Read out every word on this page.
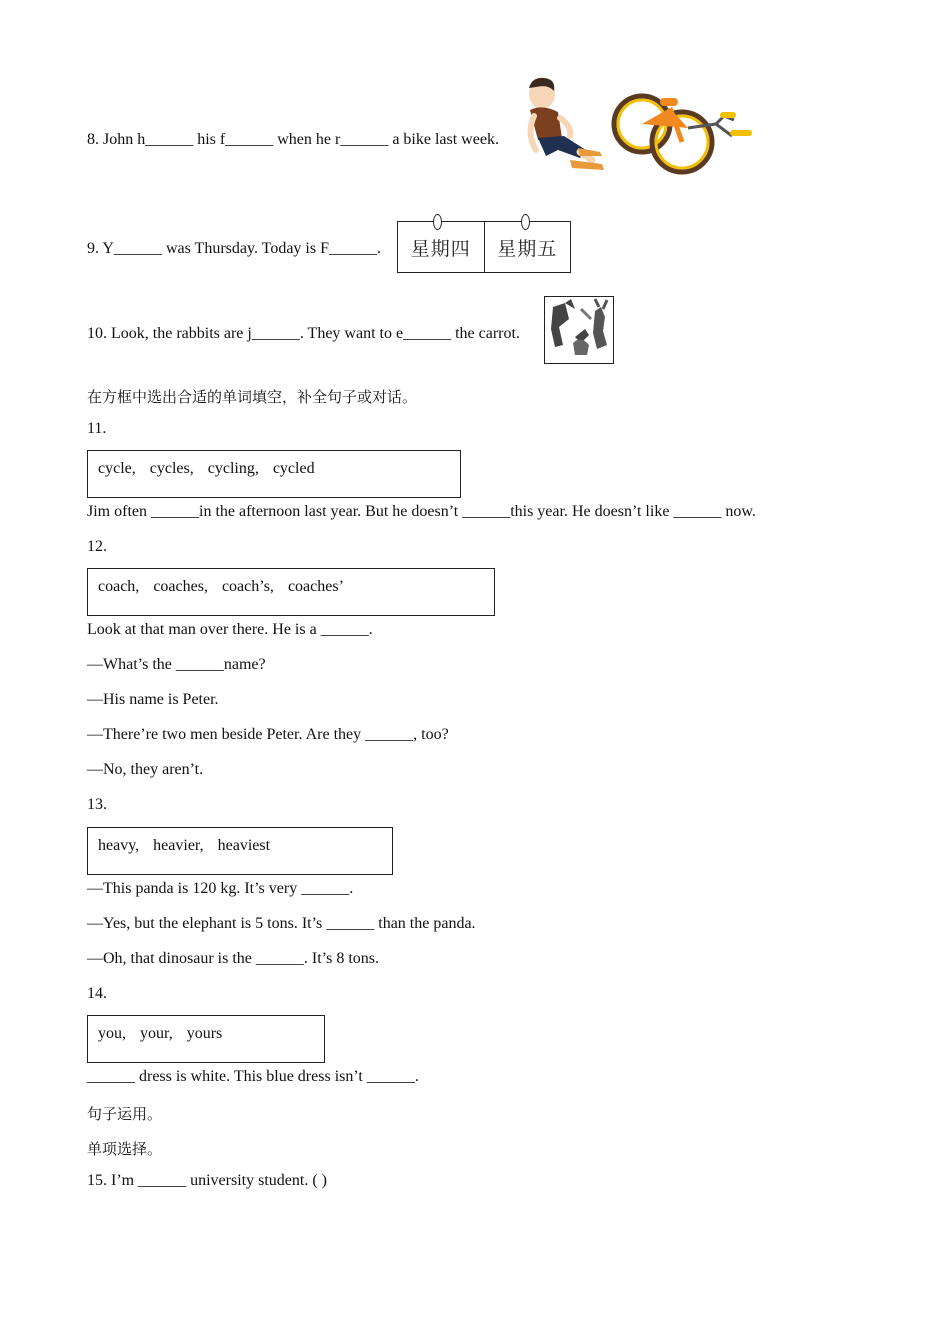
8. John h______ his f______ when he r______ a bike last week.
9. Y______ was Thursday. Today is F______.	星期四	星期五
10. Look, the rabbits are j______. They want to e______ the carrot.
在方框中选出合适的单词填空，补全句子或对话。
11.
cycle, cycles, cycling, cycled
Jim often ______in the afternoon last year. But he doesn’t ______this year. He doesn’t like ______ now.
12.
coach, coaches, coach’s, coaches’
Look at that man over there. He is a ______.
—What’s the ______name?
—His name is Peter.
—There’re two men beside Peter. Are they ______, too?
—No, they aren’t.
13.
heavy, heavier, heaviest
—This panda is 120 kg. It’s very ______.
—Yes, but the elephant is 5 tons. It’s ______ than the panda.
—Oh, that dinosaur is the ______. It’s 8 tons.
14.
you, your, yours
______ dress is white. This blue dress isn’t ______.
句子运用。
单项选择。
15. I’m ______ university student. ( )
